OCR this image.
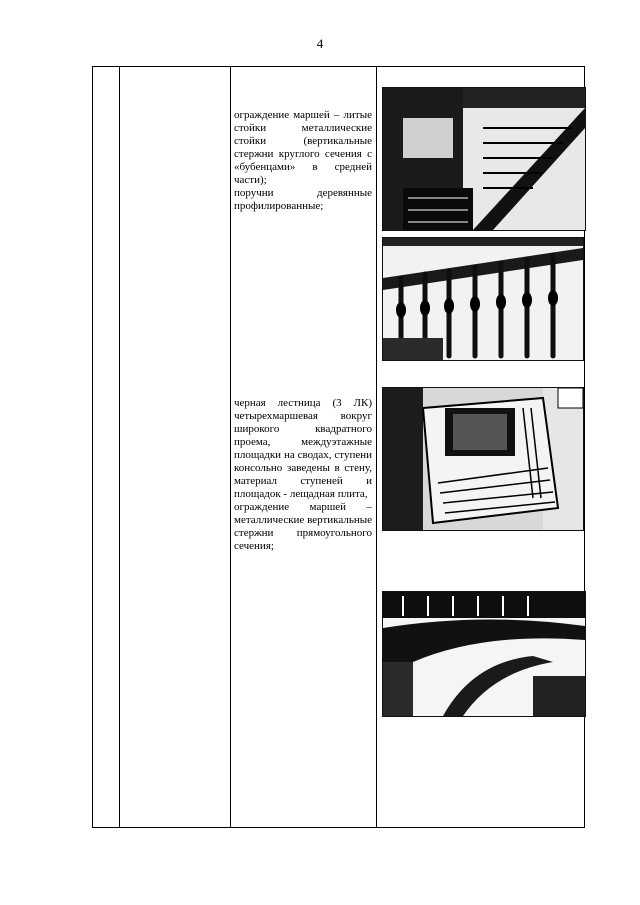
4

ограждение маршей – литые стойки металлические стойки (вертикальные стержни круглого сечения с «бубенцами» в средней части);

поручни деревянные профилированные;

черная лестница (3 ЛК) четырехмаршевая вокруг широкого квадратного проема, междуэтажные площадки на сводах, ступени консольно заведены в стену, материал ступеней и площадок - лещадная плита,

ограждение маршей – металлические вертикальные стержни прямоугольного сечения;
